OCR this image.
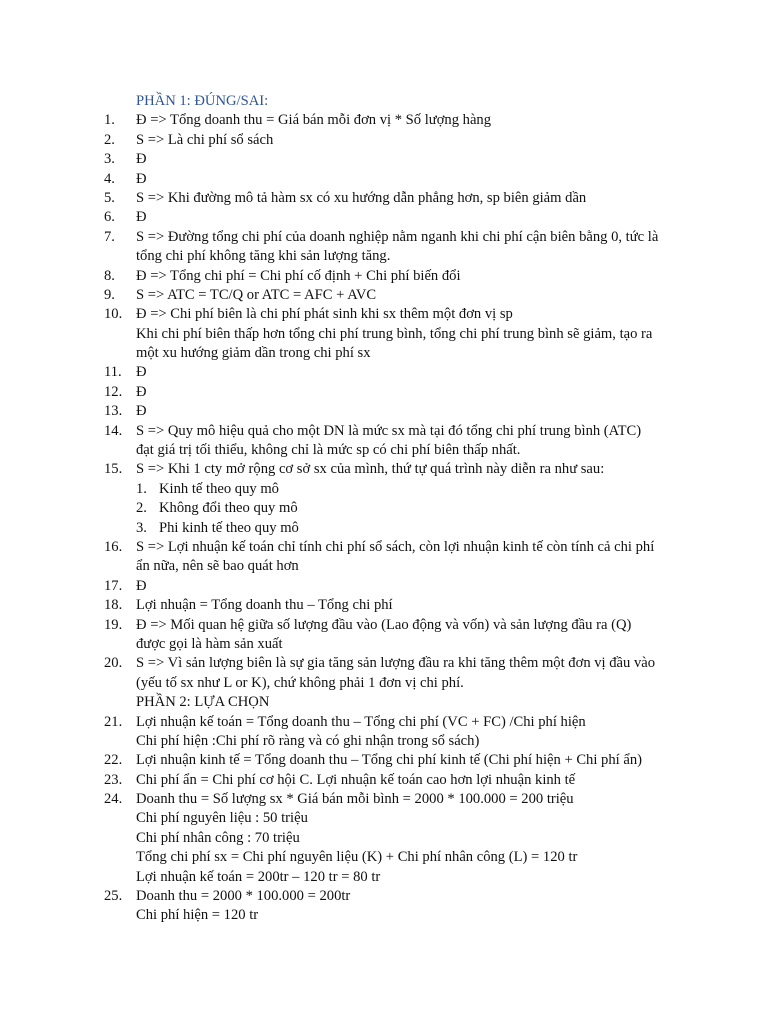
PHẦN 1: ĐÚNG/SAI:
1.	Đ => Tổng doanh thu = Giá bán mỗi đơn vị * Số lượng hàng
2.	S => Là chi phí sổ sách
3.	Đ
4.	Đ
5.	S => Khi đường mô tả hàm sx có xu hướng dẫn phẳng hơn, sp biên giảm dần
6.	Đ
7.	S => Đường tổng chi phí của doanh nghiệp nằm nganh khi chi phí cận biên bằng 0, tức là
tổng chi phí không tăng khi sản lượng tăng.
8.	Đ => Tổng chi phí = Chi phí cố định + Chi phí biến đổi
9.	S => ATC = TC/Q or ATC = AFC + AVC
10. Đ => Chi phí biên là chi phí phát sinh khi sx thêm một đơn vị sp
Khi chi phí biên thấp hơn tổng chi phí trung bình, tổng chi phí trung bình sẽ giảm, tạo ra
một xu hướng giảm dần trong chi phí sx
11. Đ
12. Đ
13. Đ
14. S => Quy mô hiệu quả cho một DN là mức sx mà tại đó tổng chi phí trung bình (ATC)
đạt giá trị tối thiểu, không chỉ là mức sp có chi phí biên thấp nhất.
15. S => Khi 1 cty mở rộng cơ sở sx của mình, thứ tự quá trình này diễn ra như sau:
1. Kinh tế theo quy mô
2. Không đổi theo quy mô
3. Phi kinh tế theo quy mô
16. S => Lợi nhuận kế toán chỉ tính chi phí sổ sách, còn lợi nhuận kinh tế còn tính cả chi phí
ẩn nữa, nên sẽ bao quát hơn
17. Đ
18. Lợi nhuận = Tổng doanh thu – Tổng chi phí
19. Đ => Mối quan hệ giữa số lượng đầu vào (Lao động và vốn) và sản lượng đầu ra (Q)
được gọi là hàm sản xuất
20. S => Vì sản lượng biên là sự gia tăng sản lượng đầu ra khi tăng thêm một đơn vị đầu vào
(yếu tố sx như L or K), chứ không phải 1 đơn vị chi phí.
PHẦN 2: LỰA CHỌN
21. Lợi nhuận kế toán = Tổng doanh thu – Tổng chi phí (VC + FC) /Chi phí hiện
Chi phí hiện :Chi phí rõ ràng và có ghi nhận trong sổ sách)
22. Lợi nhuận kinh tế = Tổng doanh thu – Tổng chi phí kinh tế (Chi phí hiện + Chi phí ẩn)
23. Chi phí ẩn = Chi phí cơ hội C. Lợi nhuận kế toán cao hơn lợi nhuận kinh tế
24. Doanh thu = Số lượng sx * Giá bán mỗi bình = 2000 * 100.000 = 200 triệu
Chi phí nguyên liệu : 50 triệu
Chi phí nhân công : 70 triệu
Tổng chi phí sx = Chi phí nguyên liệu (K) + Chi phí nhân công (L) = 120 tr
Lợi nhuận kế toán = 200tr – 120 tr = 80 tr
25. Doanh thu = 2000 * 100.000 = 200tr
Chi phí hiện = 120 tr
